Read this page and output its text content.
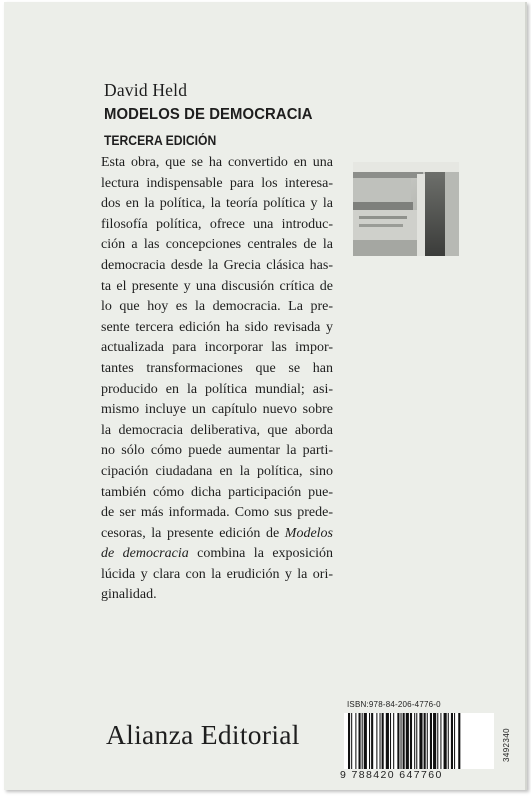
David Held
MODELOS DE DEMOCRACIA
TERCERA EDICIÓN
Esta obra, que se ha convertido en una
lectura indispensable para los interesa-
dos en la política, la teoría política y la
filosofía política, ofrece una introduc-
ción a las concepciones centrales de la
democracia desde la Grecia clásica has-
ta el presente y una discusión crítica de
lo que hoy es la democracia. La pre-
sente tercera edición ha sido revisada y
actualizada para incorporar las impor-
tantes transformaciones que se han
producido en la política mundial; asi-
mismo incluye un capítulo nuevo sobre
la democracia deliberativa, que aborda
no sólo cómo puede aumentar la parti-
cipación ciudadana en la política, sino
también cómo dicha participación pue-
de ser más informada. Como sus prede-
cesoras, la presente edición de Modelos
de democracia combina la exposición
lúcida y clara con la erudición y la ori-
ginalidad.
Alianza Editorial
ISBN:978-84-206-4776-0
9 788420 647760
3492340
